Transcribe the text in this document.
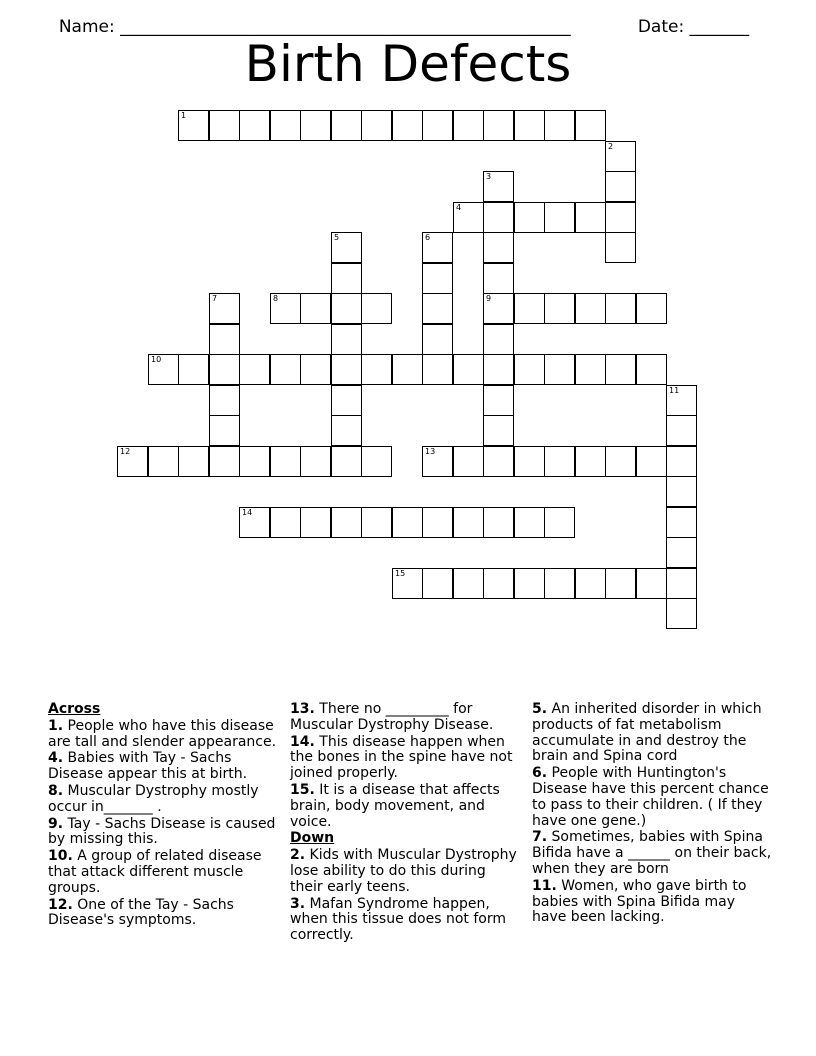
Name: _____________________________________________________	Date: _______

Birth Defects
1
2
3
9
4
5	6
7	8
10
11
12	13
14
15

Across

1. People who have this disease are tall and slender appearance.

4. Babies with Tay - Sachs Disease appear this at birth.

8. Muscular Dystrophy mostly occur in_______ .

9. Tay - Sachs Disease is caused by missing this.

10. A group of related disease that attack different muscle groups.

12. One of the Tay - Sachs Disease's symptoms.

13. There no _________ for Muscular Dystrophy Disease.

14. This disease happen when the bones in the spine have not joined properly.

15. It is a disease that affects brain, body movement, and voice.

Down

2. Kids with Muscular Dystrophy lose ability to do this during their early teens.

3. Mafan Syndrome happen, when this tissue does not form correctly.

5. An inherited disorder in which products of fat metabolism accumulate in and destroy the brain and Spina cord

6. People with Huntington's Disease have this percent chance to pass to their children. ( If they have one gene.)

7. Sometimes, babies with Spina Bifida have a ______ on their back, when they are born

11. Women, who gave birth to babies with Spina Bifida may have been lacking.
